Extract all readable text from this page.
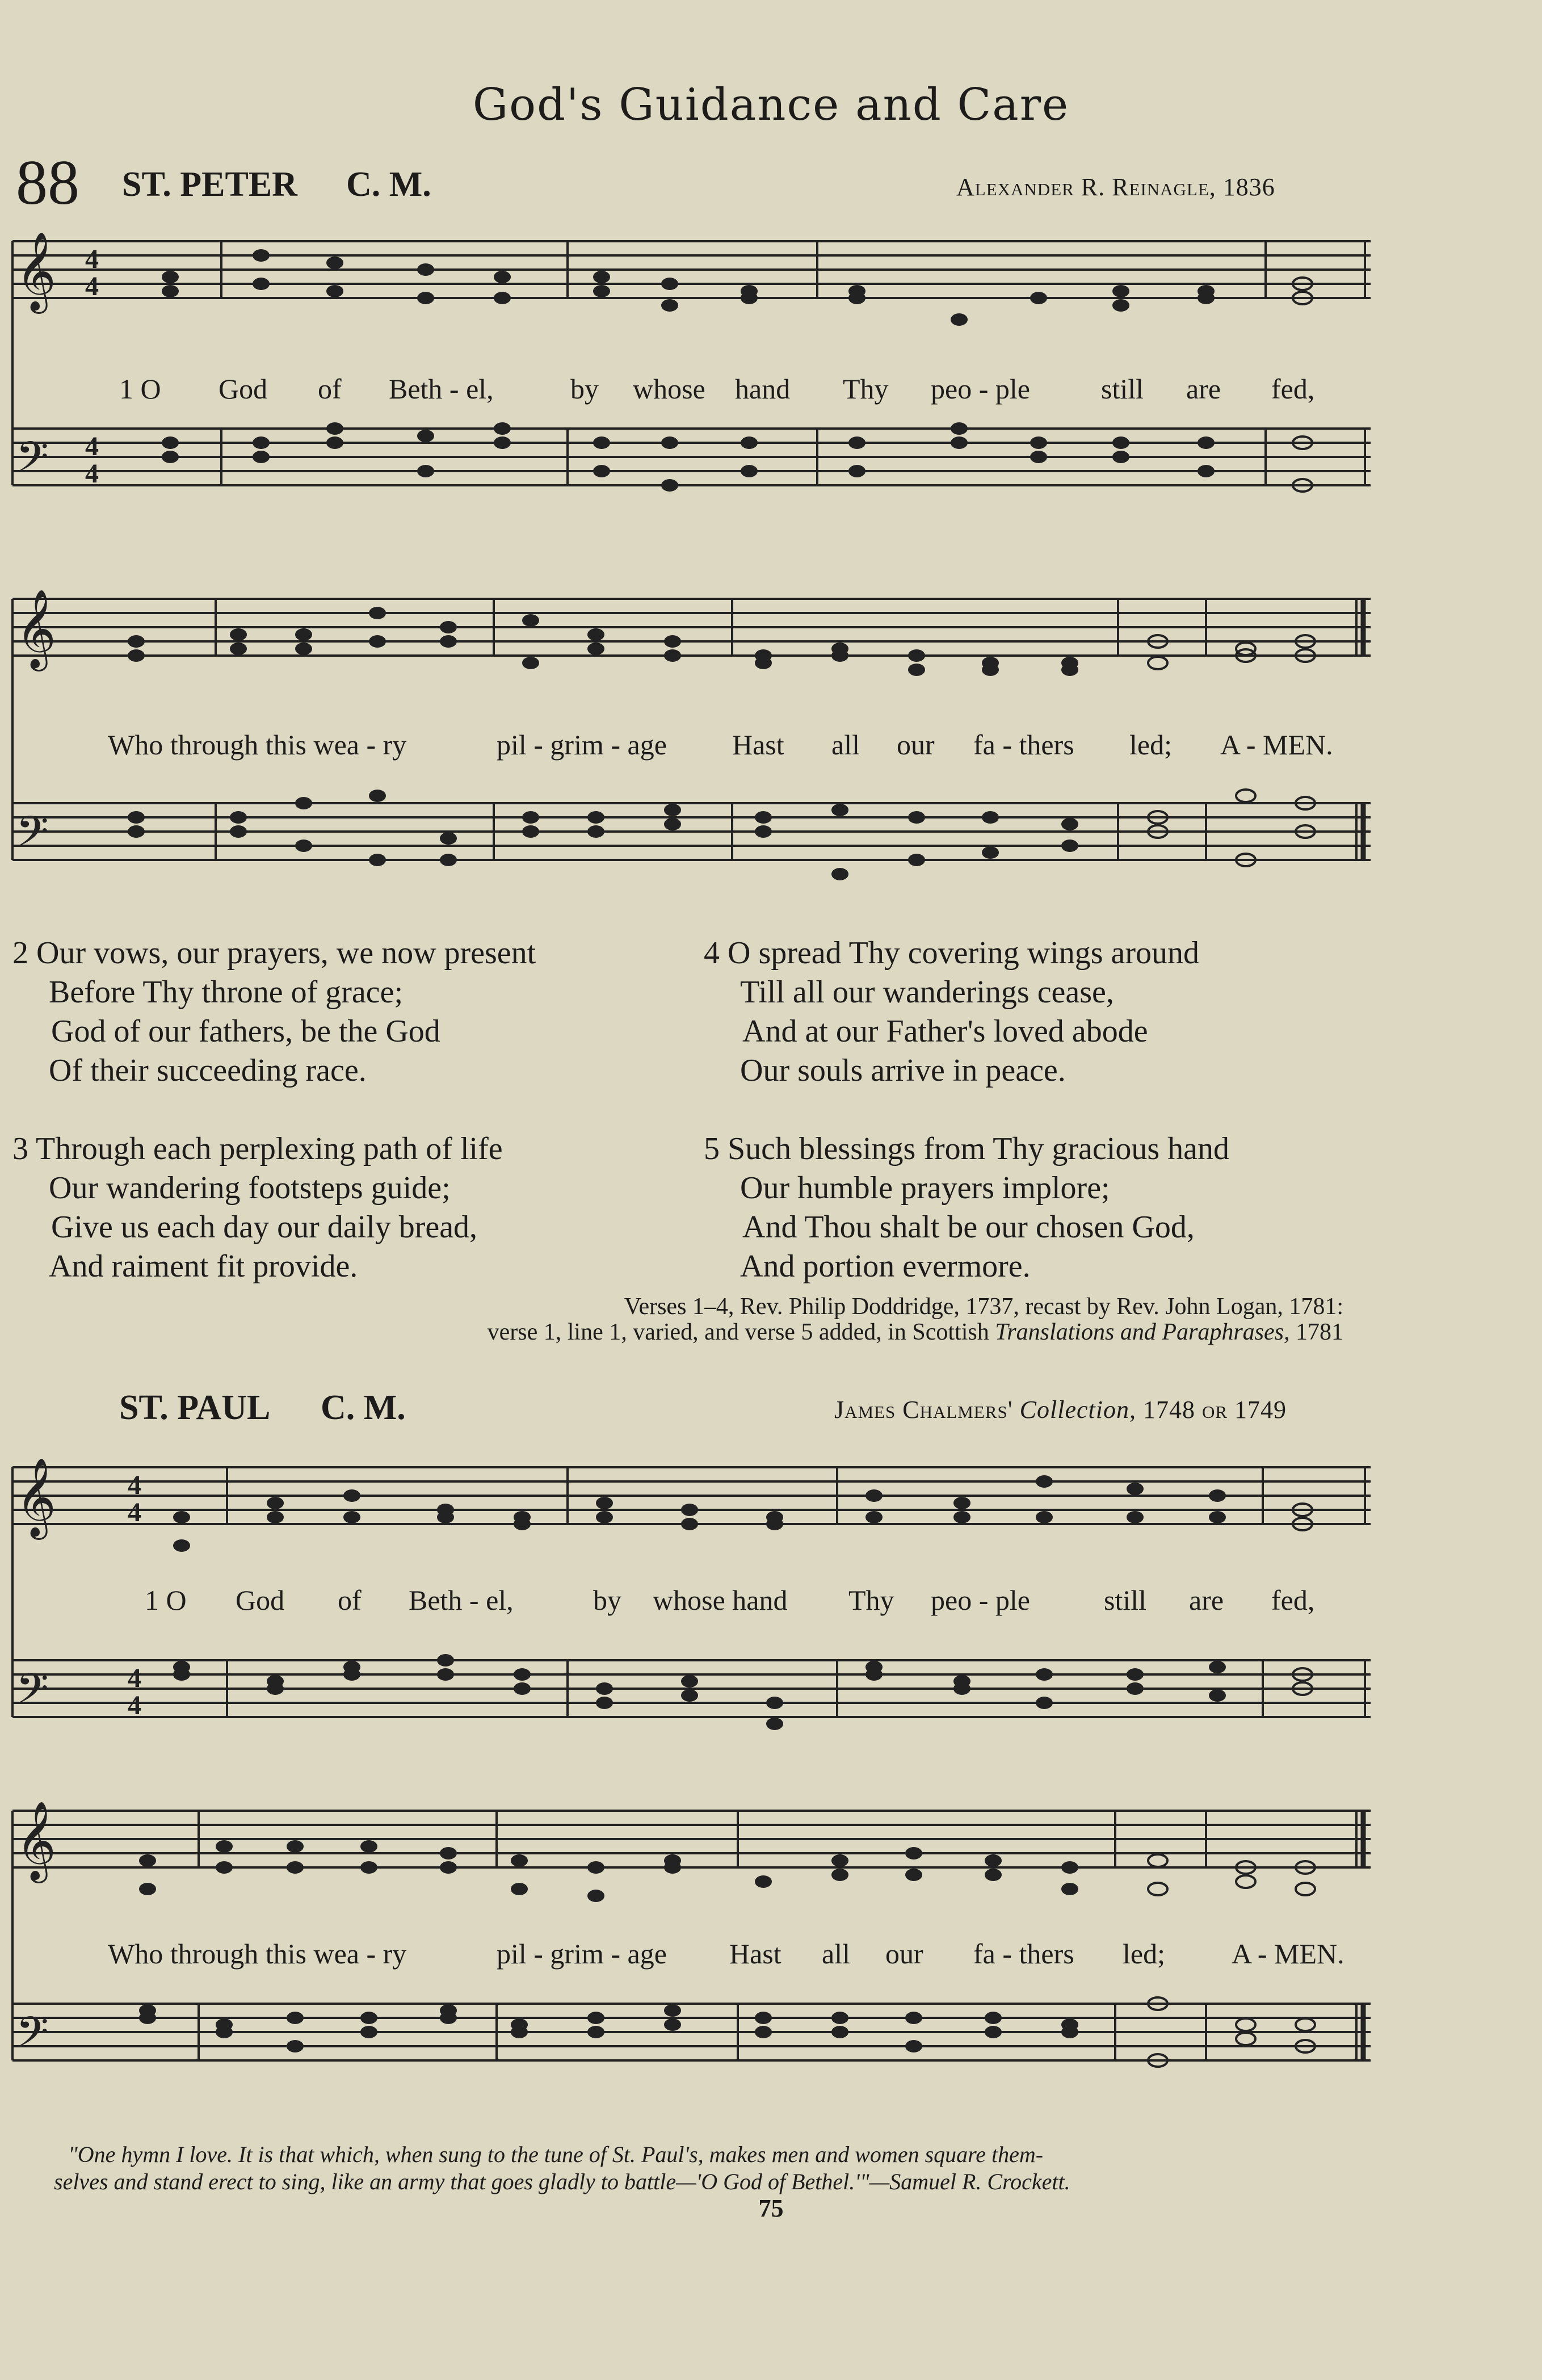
God's Guidance and Care
88 ST. PETER C. M.	Alexander R. Reinagle, 1836
𝄞
𝄢
4
4
4
4
1 O God of Beth - el,	by whose hand Thy peo - ple	still are fed,
𝄞
𝄢
Who through this wea - ry	pil - grim - age Hast all our fa - thers led; A - MEN.
2 Our vows, our prayers, we now present
Before Thy throne of grace;
God of our fathers, be the God
Of their succeeding race.
4 O spread Thy covering wings around
Till all our wanderings cease,
And at our Father's loved abode
Our souls arrive in peace.
3 Through each perplexing path of life
Our wandering footsteps guide;
Give us each day our daily bread,
And raiment fit provide.
5 Such blessings from Thy gracious hand
Our humble prayers implore;
And Thou shalt be our chosen God,
And portion evermore.
Verses 1–4, Rev. Philip Doddridge, 1737, recast by Rev. John Logan, 1781:
verse 1, line 1, varied, and verse 5 added, in Scottish Translations and Paraphrases, 1781
ST. PAUL C. M.	James Chalmers' Collection, 1748 or 1749
𝄞
𝄢
4
4
4
4
1 O God of Beth - el,	by whose hand Thy peo - ple	still are fed,
𝄞
𝄢
Who through this wea - ry	pil - grim - age Hast all our fa - thers led; A - MEN.
"One hymn I love. It is that which, when sung to the tune of St. Paul's, makes men and women square them-
selves and stand erect to sing, like an army that goes gladly to battle—'O God of Bethel.'"—Samuel R. Crockett.
75
